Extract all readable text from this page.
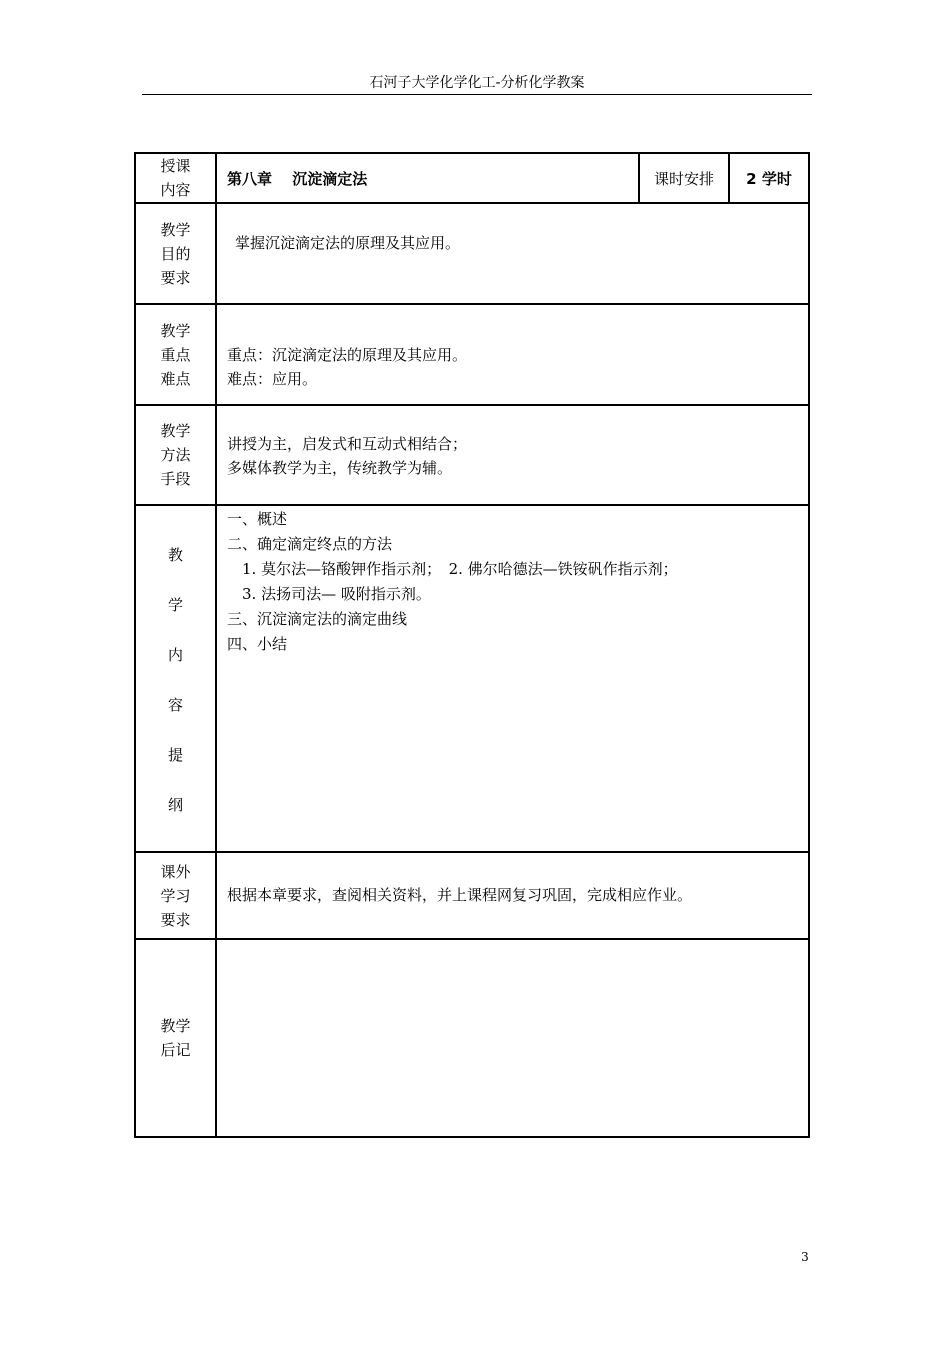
石河子大学化学化工-分析化学教案
授课
内容
第八章　 沉淀滴定法	课时安排	2 学时
教学
目的
要求
掌握沉淀滴定法的原理及其应用。
教学
重点
难点
重点：沉淀滴定法的原理及其应用。
难点：应用。
教学
方法
手段
讲授为主，启发式和互动式相结合；
多媒体教学为主，传统教学为辅。
教
学
内
容
提
纲
一、概述
二、确定滴定终点的方法
　1. 莫尔法—铬酸钾作指示剂；　2. 佛尔哈德法—铁铵矾作指示剂；
　3. 法扬司法— 吸附指示剂。
三、沉淀滴定法的滴定曲线
四、小结
课外
学习
要求
根据本章要求，查阅相关资料，并上课程网复习巩固，完成相应作业。
教学
后记
3
